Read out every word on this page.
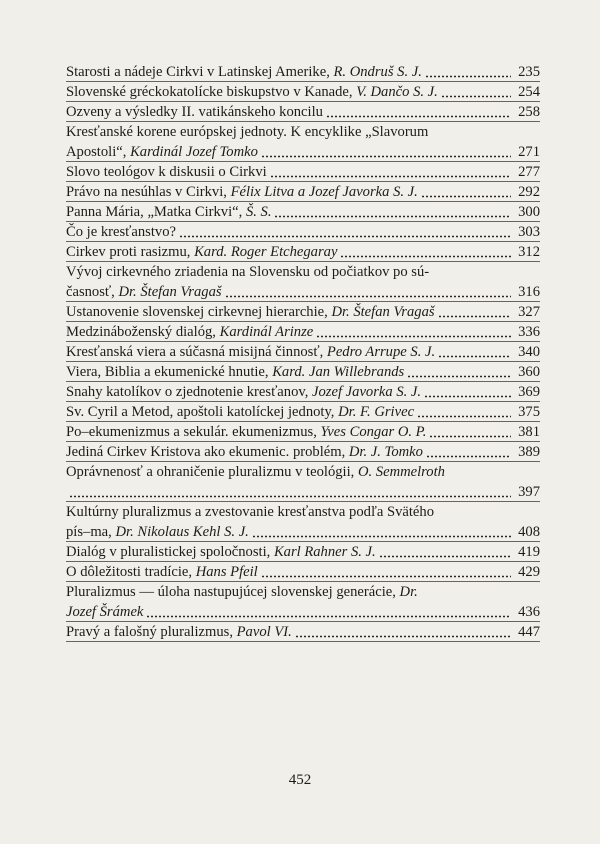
Starosti a nádeje Cirkvi v Latinskej Amerike, R. Ondruš S. J.	235
Slovenské gréckokatolícke biskupstvo v Kanade, V. Dančo S. J.	254
Ozveny a výsledky II. vatikánskeho koncilu	258
Kresťanské korene európskej jednoty. K encyklike „Slavorum
Apostoli“, Kardinál Jozef Tomko	271
Slovo teológov k diskusii o Cirkvi	277
Právo na nesúhlas v Cirkvi, Félix Litva a Jozef Javorka S. J.	292
Panna Mária, „Matka Cirkvi“, Š. S.	300
Čo je kresťanstvo?	303
Cirkev proti rasizmu, Kard. Roger Etchegaray	312
Vývoj cirkevného zriadenia na Slovensku od počiatkov po sú-
časnosť, Dr. Štefan Vragaš	316
Ustanovenie slovenskej cirkevnej hierarchie, Dr. Štefan Vragaš	327
Medzináboženský dialóg, Kardinál Arinze	336
Kresťanská viera a súčasná misijná činnosť, Pedro Arrupe S. J.	340
Viera, Biblia a ekumenické hnutie, Kard. Jan Willebrands	360
Snahy katolíkov o zjednotenie kresťanov, Jozef Javorka S. J.	369
Sv. Cyril a Metod, apoštoli katolíckej jednoty, Dr. F. Grivec	375
Po–ekumenizmus a sekulár. ekumenizmus, Yves Congar O. P.	381
Jediná Cirkev Kristova ako ekumenic. problém, Dr. J. Tomko	389
Oprávnenosť a ohraničenie pluralizmu v teológii, O. Semmelroth
397
Kultúrny pluralizmus a zvestovanie kresťanstva podľa Svätého
pís–ma, Dr. Nikolaus Kehl S. J.	408
Dialóg v pluralistickej spoločnosti, Karl Rahner S. J.	419
O dôležitosti tradície, Hans Pfeil	429
Pluralizmus — úloha nastupujúcej slovenskej generácie, Dr.
Jozef Šrámek	436
Pravý a falošný pluralizmus, Pavol VI.	447
452
